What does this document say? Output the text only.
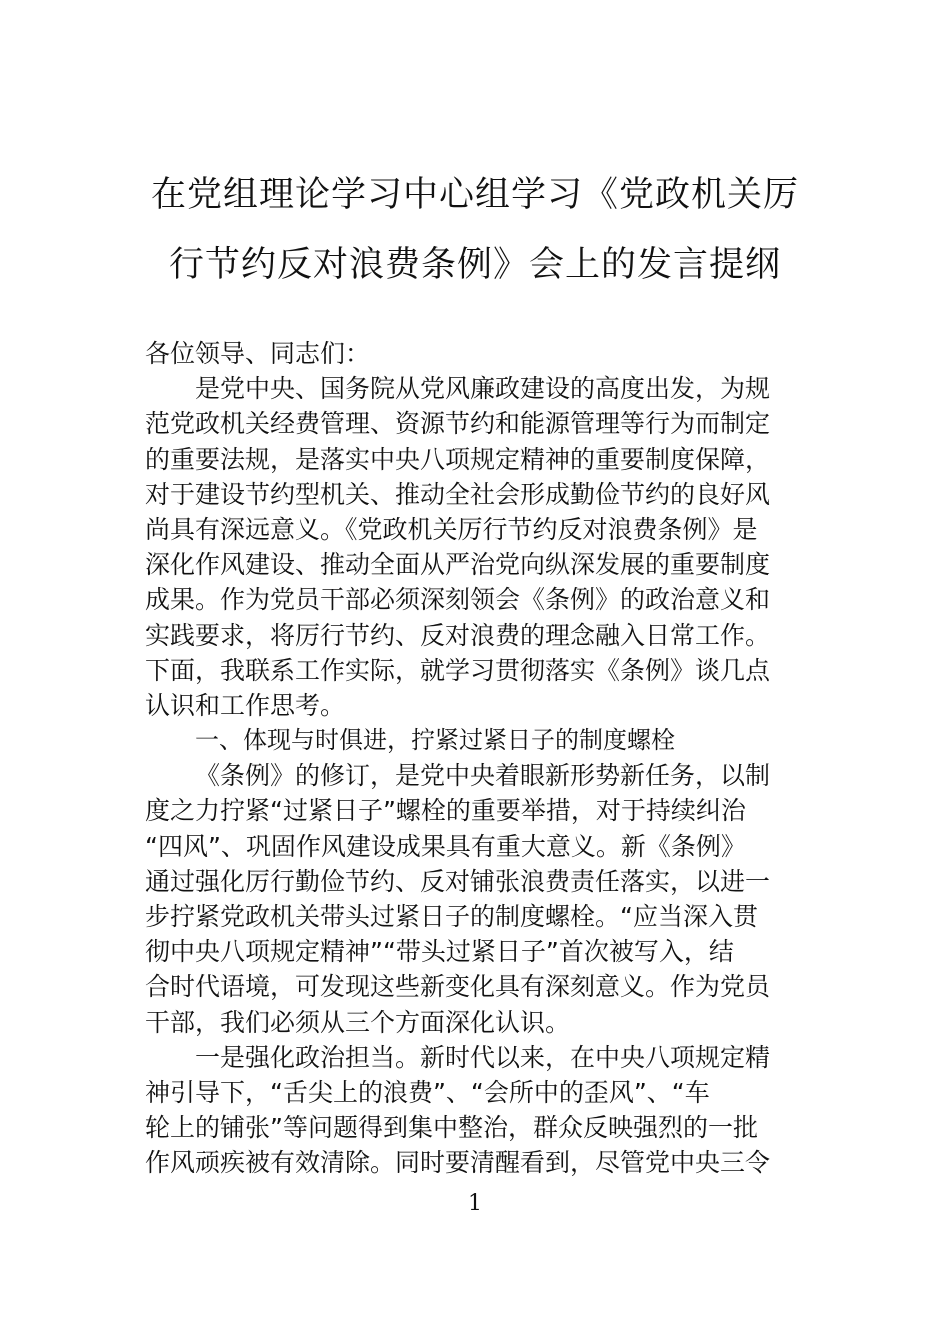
在党组理论学习中心组学习《党政机关厉
行节约反对浪费条例》会上的发言提纲
各位领导、同志们：
是党中央、国务院从党风廉政建设的高度出发，为规
范党政机关经费管理、资源节约和能源管理等行为而制定
的重要法规，是落实中央八项规定精神的重要制度保障，
对于建设节约型机关、推动全社会形成勤俭节约的良好风
尚具有深远意义。《党政机关厉行节约反对浪费条例》是
深化作风建设、推动全面从严治党向纵深发展的重要制度
成果。作为党员干部必须深刻领会《条例》的政治意义和
实践要求，将厉行节约、反对浪费的理念融入日常工作。
下面，我联系工作实际，就学习贯彻落实《条例》谈几点
认识和工作思考。
一、体现与时俱进，拧紧过紧日子的制度螺栓
《条例》的修订，是党中央着眼新形势新任务，以制
度之力拧紧“过紧日子”螺栓的重要举措，对于持续纠治
“四风”、巩固作风建设成果具有重大意义。新《条例》
通过强化厉行勤俭节约、反对铺张浪费责任落实，以进一
步拧紧党政机关带头过紧日子的制度螺栓。“应当深入贯
彻中央八项规定精神”“带头过紧日子”首次被写入，结
合时代语境，可发现这些新变化具有深刻意义。作为党员
干部，我们必须从三个方面深化认识。
一是强化政治担当。新时代以来，在中央八项规定精
神引导下，“舌尖上的浪费”、“会所中的歪风”、“车
轮上的铺张”等问题得到集中整治，群众反映强烈的一批
作风顽疾被有效清除。同时要清醒看到，尽管党中央三令
1
